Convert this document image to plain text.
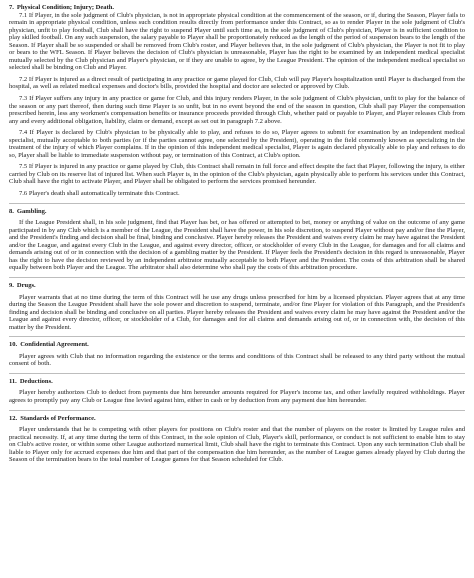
7. Physical Condition; Injury; Death.

7.1 If Player, in the sole judgment of Club's physician, is not in appropriate physical condition at the commencement of the season, or if, during the Season, Player fails to remain in appropriate physical condition, unless such condition results directly from performance under this Contract, so as to render Player in the sole judgment of Club's physician, unfit to play football, Club shall have the right to suspend Player until such time as, in the sole judgment of Club's physician, Player is in sufficient condition to play skilled football. On any such suspension, the salary payable to Player shall be proportionately reduced as the length of the period of suspension bears to the length of the Season. If Player shall be so suspended or shall be removed from Club's roster, and Player believes that, in the sole judgment of Club's physician, the Player is not fit to play or bears to the WFL Season. If Player believes the decision of Club's physician is unreasonable, Player has the right to be examined by an independent medical specialist mutually selected by the Club physician and Player's physician, or if they are unable to agree, by the League President. The opinion of the independent medical specialist so selected shall be binding on Club and Player.

7.2 If Player is injured as a direct result of participating in any practice or game played for Club, Club will pay Player's hospitalization until Player is discharged from the hospital, as well as related medical expenses and doctor's bills, provided the hospital and doctor are selected or approved by Club.

7.3 If Player suffers any injury in any practice or game for Club, and this injury renders Player, in the sole judgment of Club's physician, unfit to play for the balance of the season or any part thereof, then during such time Player is so unfit, but in no event beyond the end of the season in question, Club shall pay Player the compensation prescribed herein, less any workmen's compensation benefits or insurance proceeds provided through Club, whether paid or payable to Player, and Player releases Club from any and every additional obligation, liability, claim or demand, except as set out in paragraph 7.2 above.

7.4 If Player is declared by Club's physician to be physically able to play, and refuses to do so, Player agrees to submit for examination by an independent medical specialist, mutually acceptable to both parties (or if the parties cannot agree, one selected by the President), operating in the field commonly known as specializing in the treatment of the injury of which Player complains. If in the opinion of this independent medical specialist, Player is again declared physically able to play and refuses to do so, Player shall be liable to immediate suspension without pay, or termination of this Contract, at Club's option.

7.5 If Player is injured in any practice or game played by Club, this Contract shall remain in full force and effect despite the fact that Player, following the injury, is either carried by Club on its reserve list of injured list. When such Player is, in the opinion of the Club's physician, again physically able to perform his services under this Contract, Club shall have the right to activate Player, and Player shall be obligated to perform the services promised hereunder.

7.6 Player's death shall automatically terminate this Contract.

8. Gambling.

If the League President shall, in his sole judgment, find that Player has bet, or has offered or attempted to bet, money or anything of value on the outcome of any game participated in by any Club which is a member of the League, the President shall have the power, in his sole discretion, to suspend Player without pay and/or fine the Player, and the President's finding and decision shall be final, binding and conclusive. Player hereby releases the President and waives every claim he may have against the President and/or the League, and against every Club in the League, and against every director, officer, or stockholder of every Club in the League, for damages and for all claims and demands arising out of or in connection with the decision of a gambling matter by the President. If Player feels the President's decision in this regard is unreasonable, Player has the right to have the decision reviewed by an independent arbitrator mutually acceptable to both Player and the President. The costs of this arbitration shall be shared equally between both Player and the League. The arbitrator shall also determine who shall pay the costs of this arbitration procedure.

9. Drugs.

Player warrants that at no time during the term of this Contract will he use any drugs unless prescribed for him by a licensed physician. Player agrees that at any time during the Season the League President shall have the sole power and discretion to suspend, terminate, and/or fine Player for violation of this Paragraph, and the President's finding and decision shall be binding and conclusive on all parties. Player hereby releases the President and waives every claim he may have against the President and/or the League and against every director, officer, or stockholder of a Club, for damages and for all claims and demands arising out of, or in connection with, the decision of this matter by the President.

10. Confidential Agreement.

Player agrees with Club that no information regarding the existence or the terms and conditions of this Contract shall be released to any third party without the mutual consent of both.

11. Deductions.

Player hereby authorizes Club to deduct from payments due him hereunder amounts required for Player's income tax, and other lawfully required withholdings. Player agrees to promptly pay any Club or League fine levied against him, either in cash or by deduction from any payment due him hereunder.

12. Standards of Performance.

Player understands that he is competing with other players for positions on Club's roster and that the number of players on the roster is limited by League rules and practical necessity. If, at any time during the term of this Contract, in the sole opinion of Club, Player's skill, performance, or conduct is not sufficient to enable him to stay on Club's active roster, or within some other League authorized numerical limit, Club shall have the right to terminate this Contract. Upon any such termination Club shall be liable to Player only for accrued expenses due him and that part of the compensation due him hereunder, as the number of League games already played by Club during the Season of the termination bears to the total number of League games for that Season scheduled for Club.
